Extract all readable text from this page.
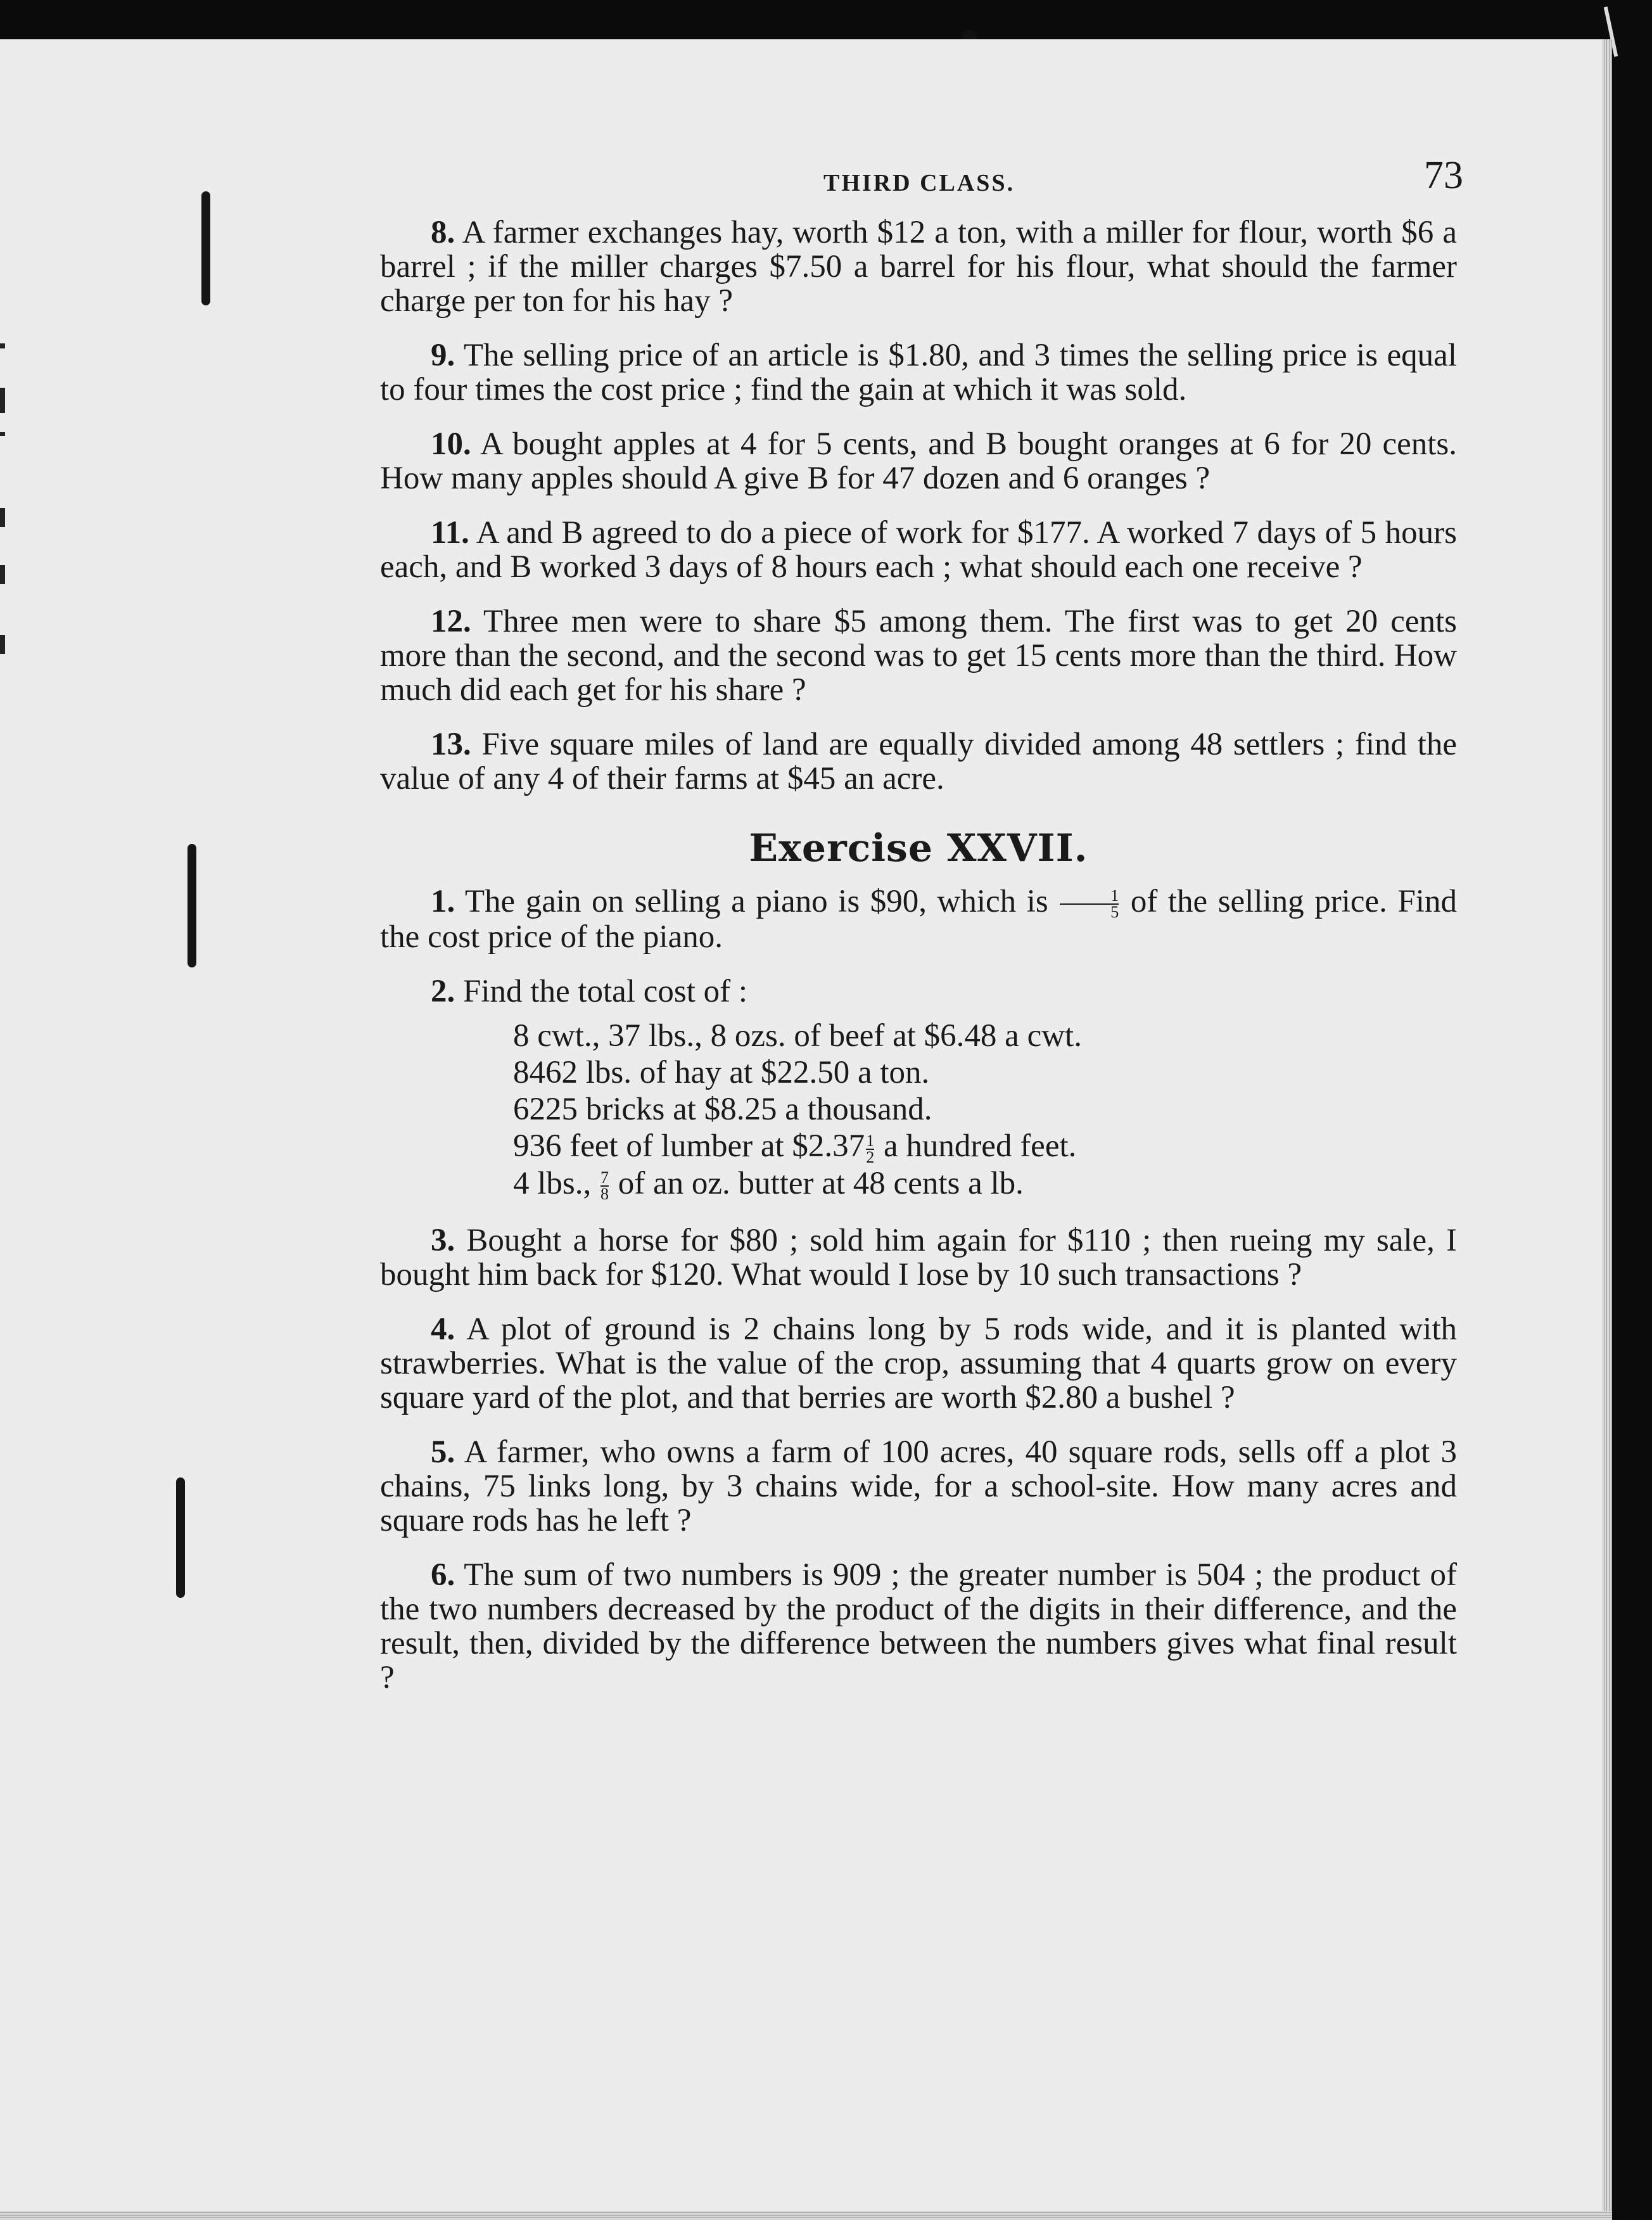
THIRD CLASS.	73

8. A farmer exchanges hay, worth $12 a ton, with a miller for flour, worth $6 a barrel ; if the miller charges $7.50 a barrel for his flour, what should the farmer charge per ton for his hay ?

9. The selling price of an article is $1.80, and 3 times the selling price is equal to four times the cost price ; find the gain at which it was sold.

10. A bought apples at 4 for 5 cents, and B bought oranges at 6 for 20 cents. How many apples should A give B for 47 dozen and 6 oranges ?

11. A and B agreed to do a piece of work for $177. A worked 7 days of 5 hours each, and B worked 3 days of 8 hours each ; what should each one receive ?

12. Three men were to share $5 among them. The first was to get 20 cents more than the second, and the second was to get 15 cents more than the third. How much did each get for his share ?

13. Five square miles of land are equally divided among 48 settlers ; find the value of any 4 of their farms at $45 an acre.

Exercise XXVII.

1. The gain on selling a piano is $90, which is $\frac{1}{5}$ of the selling price. Find the cost price of the piano.

2. Find the total cost of :

8 cwt., 37 lbs., 8 ozs. of beef at $6.48 a cwt.
8462 lbs. of hay at $22.50 a ton.
6225 bricks at $8.25 a thousand.
936 feet of lumber at $2.37 $\frac{1}{2}$ a hundred feet.
4 lbs., $\frac{7}{8}$ of an oz. butter at 48 cents a lb.

3. Bought a horse for $80 ; sold him again for $110 ; then rueing my sale, I bought him back for $120. What would I lose by 10 such transactions ?

4. A plot of ground is 2 chains long by 5 rods wide, and it is planted with strawberries. What is the value of the crop, assuming that 4 quarts grow on every square yard of the plot, and that berries are worth $2.80 a bushel ?

5. A farmer, who owns a farm of 100 acres, 40 square rods, sells off a plot 3 chains, 75 links long, by 3 chains wide, for a school-site. How many acres and square rods has he left ?

6. The sum of two numbers is 909 ; the greater number is 504 ; the product of the two numbers decreased by the product of the digits in their difference, and the result, then, divided by the difference between the numbers gives what final result ?
